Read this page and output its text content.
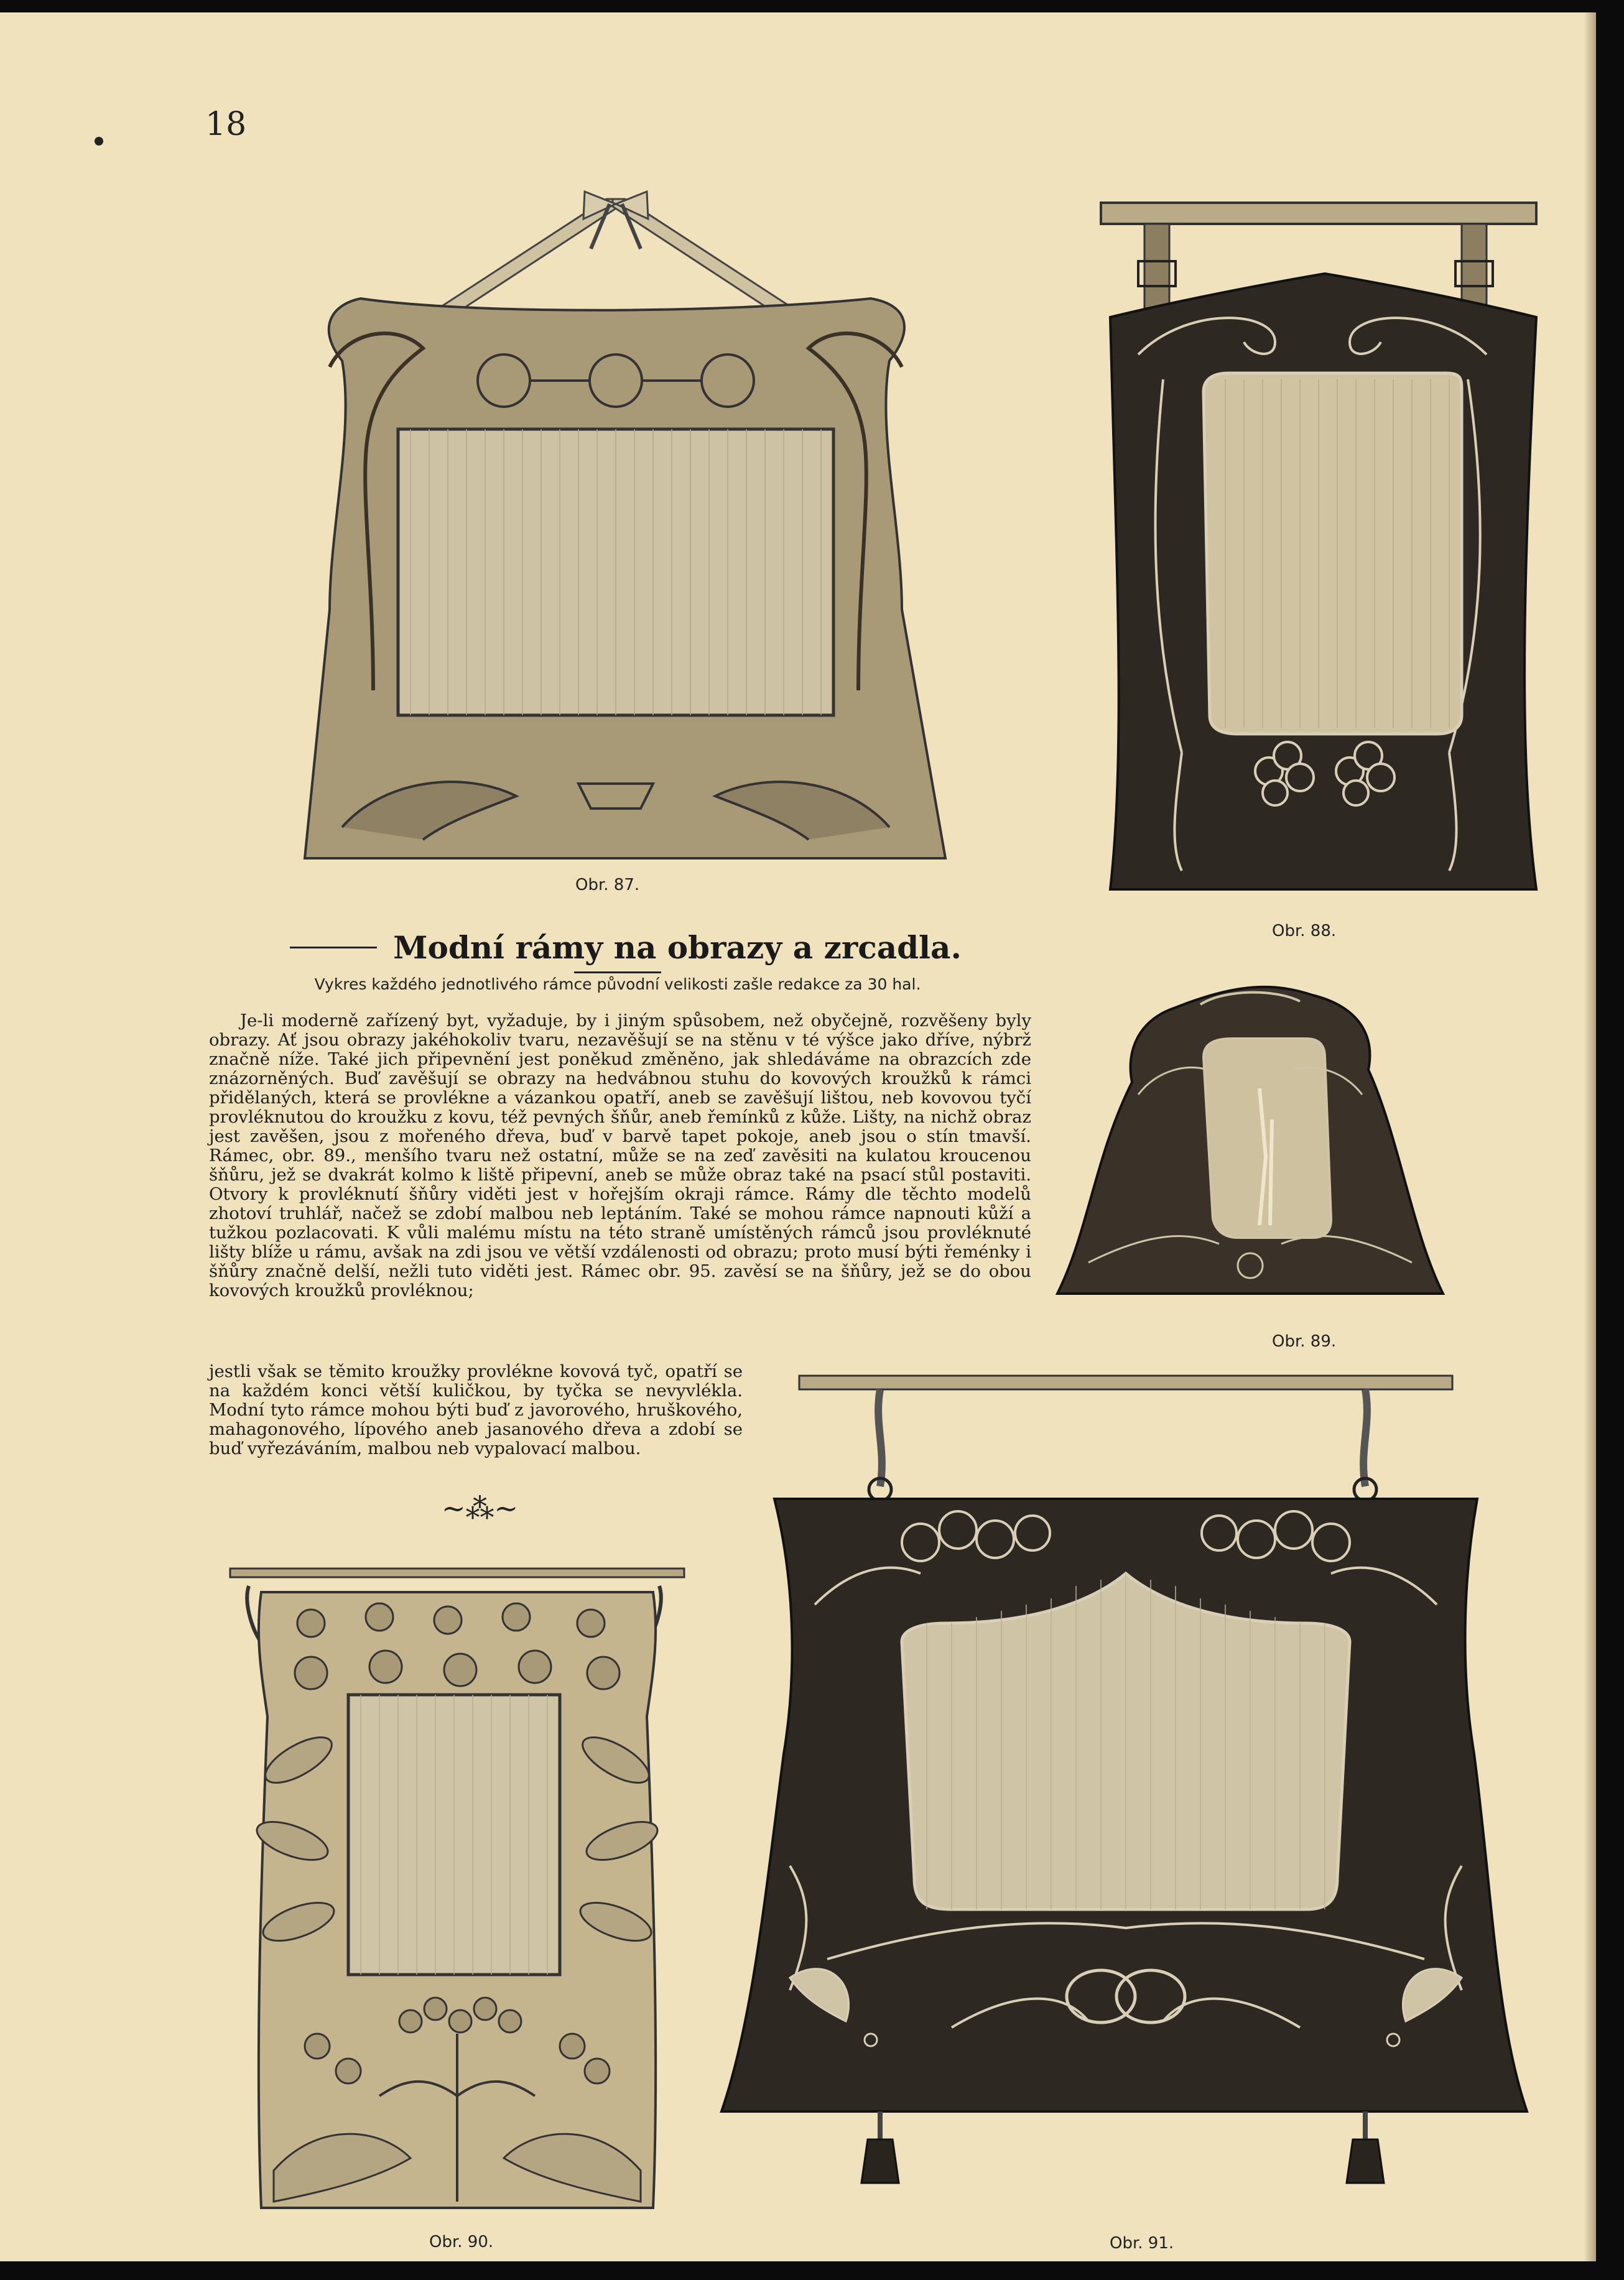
18
Obr. 87.
Obr. 88.
Obr. 89.
Obr. 90.	Obr. 91.
Modní rámy na obrazy a zrcadla.
Vykres každého jednotlivého rámce původní velikosti zašle redakce za 30 hal.

Je-li moderně zařízený byt, vyžaduje, by i jiným spůsobem, než obyčejně, rozvěšeny byly obrazy. Ať jsou obrazy jakéhokoliv tvaru, nezavěšují se na stěnu v té výšce jako dříve, nýbrž značně níže. Také jich připevnění jest poněkud změněno, jak shledáváme na obrazcích zde znázorněných. Buď zavěšují se obrazy na hedvábnou stuhu do kovových kroužků k rámci přidělaných, která se provlékne a vázankou opatří, aneb se zavěšují lištou, neb kovovou tyčí provléknutou do kroužku z kovu, též pevných šňůr, aneb řemínků z kůže. Lišty, na nichž obraz jest zavěšen, jsou z mořeného dřeva, buď v barvě tapet pokoje, aneb jsou o stín tmavší. Rámec, obr. 89., menšího tvaru než ostatní, může se na zeď zavěsiti na kulatou kroucenou šňůru, jež se dvakrát kolmo k liště připevní, aneb se může obraz také na psací stůl postaviti. Otvory k provléknutí šňůry viděti jest v hořejším okraji rámce. Rámy dle těchto modelů zhotoví truhlář, načež se zdobí malbou neb leptáním. Také se mohou rámce napnouti kůží a tužkou pozlacovati. K vůli malému místu na této straně umístěných rámců jsou provléknuté lišty blíže u rámu, avšak na zdi jsou ve větší vzdálenosti od obrazu; proto musí býti řeménky i šňůry značně delší, nežli tuto viděti jest. Rámec obr. 95. zavěsí se na šňůry, jež se do obou kovových kroužků provléknou;

jestli však se těmito kroužky provlékne kovová tyč, opatří se na každém konci větší kuličkou, by tyčka se nevyvlékla. Modní tyto rámce mohou býti buď z javorového, hruškového, mahagonového, lípového aneb jasanového dřeva a zdobí se buď vyřezáváním, malbou neb vypalovací malbou.

~⁂~
